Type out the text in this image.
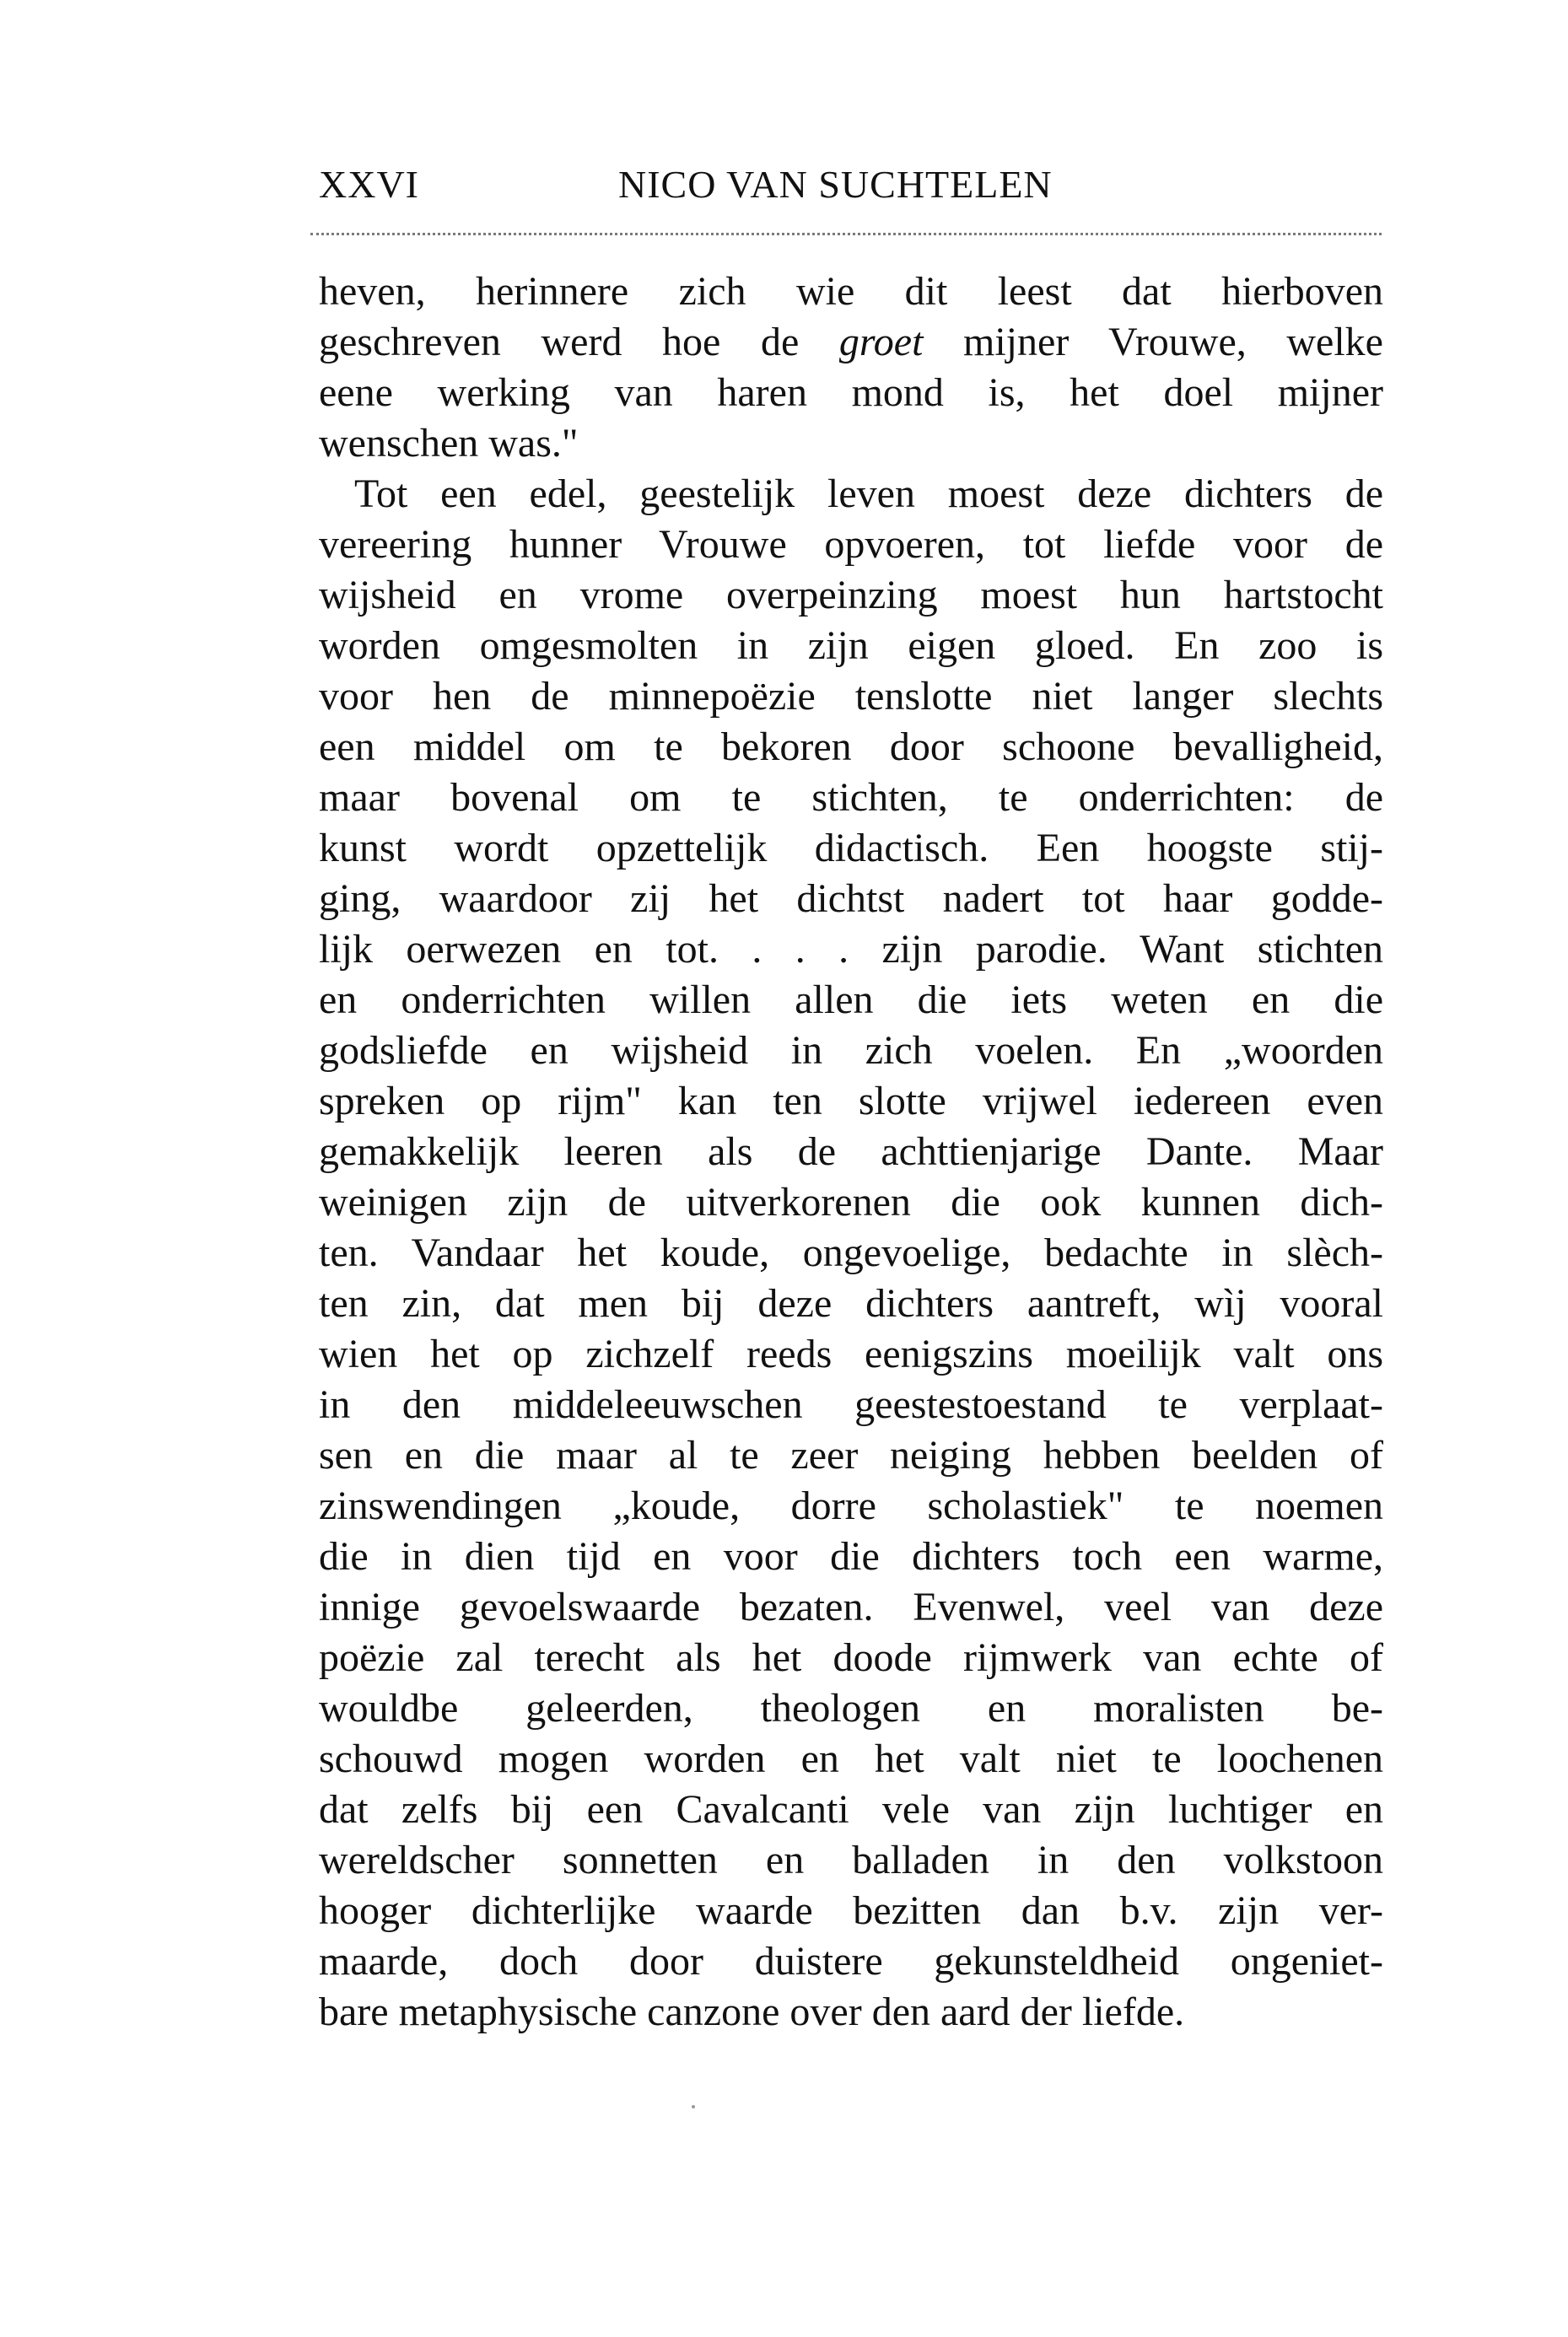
XXVI	NICO VAN SUCHTELEN
heven, herinnere zich wie dit leest dat hierboven
geschreven werd hoe de groet mijner Vrouwe, welke
eene werking van haren mond is, het doel mijner
wenschen was."
Tot een edel, geestelijk leven moest deze dichters de
vereering hunner Vrouwe opvoeren, tot liefde voor de
wijsheid en vrome overpeinzing moest hun hartstocht
worden omgesmolten in zijn eigen gloed. En zoo is
voor hen de minnepoëzie tenslotte niet langer slechts
een middel om te bekoren door schoone bevalligheid,
maar bovenal om te stichten, te onderrichten: de
kunst wordt opzettelijk didactisch. Een hoogste stij-
ging, waardoor zij het dichtst nadert tot haar godde-
lijk oerwezen en tot. . . . zijn parodie. Want stichten
en onderrichten willen allen die iets weten en die
godsliefde en wijsheid in zich voelen. En „woorden
spreken op rijm" kan ten slotte vrijwel iedereen even
gemakkelijk leeren als de achttienjarige Dante. Maar
weinigen zijn de uitverkorenen die ook kunnen dich-
ten. Vandaar het koude, ongevoelige, bedachte in slèch-
ten zin, dat men bij deze dichters aantreft, wìj vooral
wien het op zichzelf reeds eenigszins moeilijk valt ons
in den middeleeuwschen geestestoestand te verplaat-
sen en die maar al te zeer neiging hebben beelden of
zinswendingen „koude, dorre scholastiek" te noemen
die in dien tijd en voor die dichters toch een warme,
innige gevoelswaarde bezaten. Evenwel, veel van deze
poëzie zal terecht als het doode rijmwerk van echte of
wouldbe geleerden, theologen en moralisten be-
schouwd mogen worden en het valt niet te loochenen
dat zelfs bij een Cavalcanti vele van zijn luchtiger en
wereldscher sonnetten en balladen in den volkstoon
hooger dichterlijke waarde bezitten dan b.v. zijn ver-
maarde, doch door duistere gekunsteldheid ongeniet-
bare metaphysische canzone over den aard der liefde.
